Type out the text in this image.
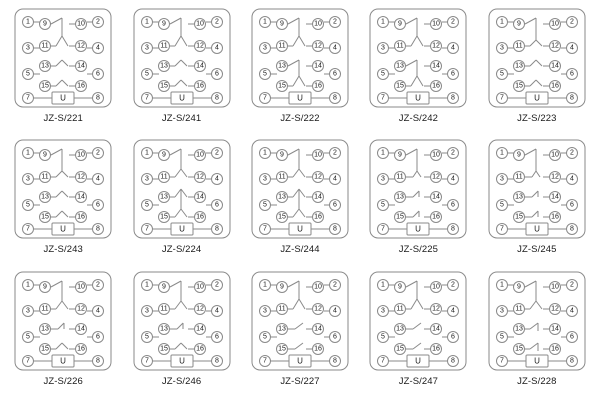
1	2
3	4
5	6
7	8
9	10
11	12
13	14
15	16
U
JZ-S/221
1	2
3	4
5	6
7	8
9	10
11	12
13	14
15	16
U
JZ-S/241
1	2
3	4
5	6
7	8
9	10
11	12
13	14
15	16
U
JZ-S/222
1	2
3	4
5	6
7	8
9	10
11	12
13	14
15	16
U
JZ-S/242
1	2
3	4
5	6
7	8
9	10
11	12
13	14
15	16
U
JZ-S/223
1	2
3	4
5	6
7	8
9	10
11	12
13	14
15	16
U
JZ-S/243
1	2
3	4
5	6
7	8
9	10
11	12
13	14
15	16
U
JZ-S/224
1	2
3	4
5	6
7	8
9	10
11	12
13	14
15	16
U
JZ-S/244
1	2
3	4
5	6
7	8
9	10
11	12
13	14
15	16
U
JZ-S/225
1	2
3	4
5	6
7	8
9	10
11	12
13	14
15	16
U
JZ-S/245
1	2
3	4
5	6
7	8
9	10
11	12
13	14
15	16
U
JZ-S/226
1	2
3	4
5	6
7	8
9	10
11	12
13	14
15	16
U
JZ-S/246
1	2
3	4
5	6
7	8
9	10
11	12
13	14
15	16
U
JZ-S/227
1	2
3	4
5	6
7	8
9	10
11	12
13	14
15	16
U
JZ-S/247
1	2
3	4
5	6
7	8
9	10
11	12
13	14
15	16
U
JZ-S/228
